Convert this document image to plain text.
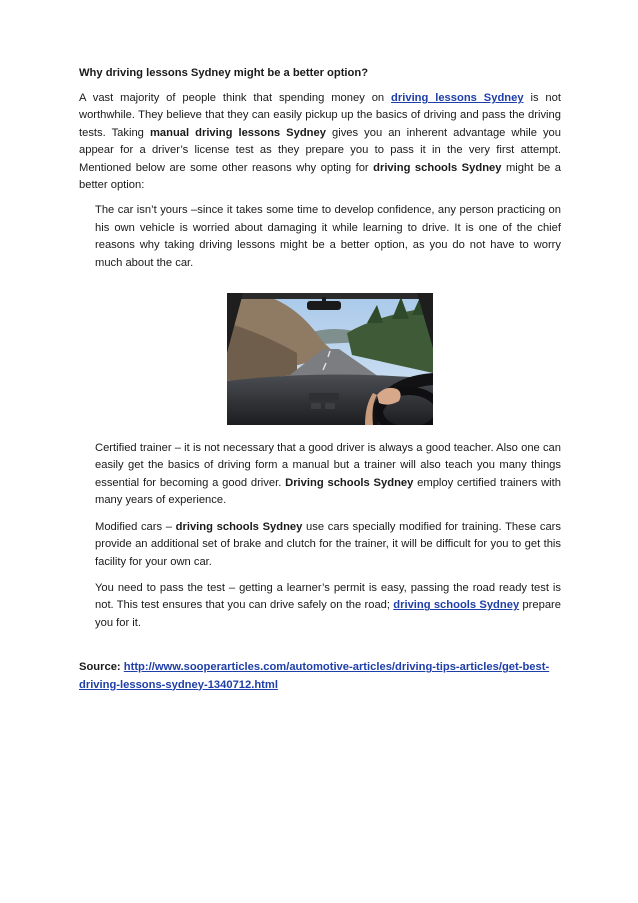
Why driving lessons Sydney might be a better option?

A vast majority of people think that spending money on driving lessons Sydney is not worthwhile. They believe that they can easily pickup up the basics of driving and pass the driving tests. Taking manual driving lessons Sydney gives you an inherent advantage while you appear for a driver’s license test as they prepare you to pass it in the very first attempt. Mentioned below are some other reasons why opting for driving schools Sydney might be a better option:

The car isn’t yours –since it takes some time to develop confidence, any person practicing on his own vehicle is worried about damaging it while learning to drive. It is one of the chief reasons why taking driving lessons might be a better option, as you do not have to worry much about the car.

Certified trainer – it is not necessary that a good driver is always a good teacher. Also one can easily get the basics of driving form a manual but a trainer will also teach you many things essential for becoming a good driver. Driving schools Sydney employ certified trainers with many years of experience.

Modified cars – driving schools Sydney use cars specially modified for training. These cars provide an additional set of brake and clutch for the trainer, it will be difficult for you to get this facility for your own car.

You need to pass the test – getting a learner’s permit is easy, passing the road ready test is not. This test ensures that you can drive safely on the road; driving schools Sydney prepare you for it.

Source: http://www.sooperarticles.com/automotive-articles/driving-tips-articles/get-best-driving-lessons-sydney-1340712.html
